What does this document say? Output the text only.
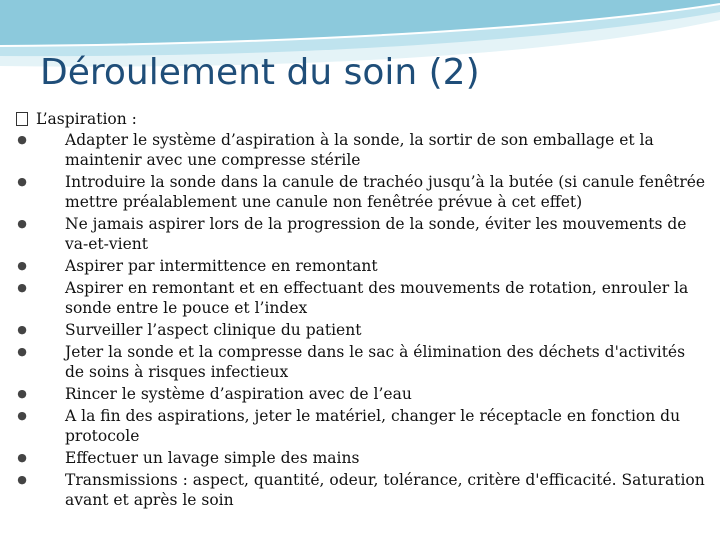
Déroulement du soin (2)
L’aspiration :
● Adapter le système d’aspiration à la sonde, la sortir de son emballage et la maintenir avec une compresse stérile
● Introduire la sonde dans la canule de trachéo jusqu’à la butée (si canule fenêtrée mettre préalablement une canule non fenêtrée prévue à cet effet)
● Ne jamais aspirer lors de la progression de la sonde, éviter les mouvements de va-et-vient
● Aspirer par intermittence en remontant
● Aspirer en remontant et en effectuant des mouvements de rotation, enrouler la sonde entre le pouce et l’index
● Surveiller l’aspect clinique du patient
● Jeter la sonde et la compresse dans le sac à élimination des déchets d'activités de soins à risques infectieux
● Rincer le système d’aspiration avec de l’eau
● A la fin des aspirations, jeter le matériel, changer le réceptacle en fonction du protocole
● Effectuer un lavage simple des mains
● Transmissions : aspect, quantité, odeur, tolérance, critère d'efficacité. Saturation avant et après le soin
